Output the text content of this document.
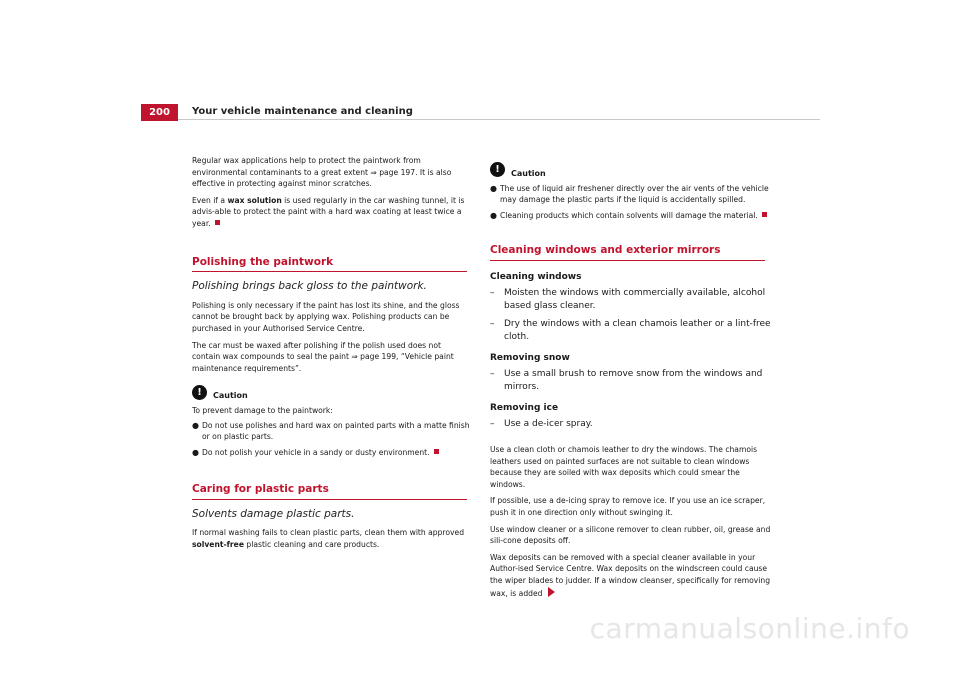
200	Your vehicle maintenance and cleaning

Regular wax applications help to protect the paintwork from environmental contaminants to a great extent ⇒ page 197. It is also effective in protecting against minor scratches.

Even if a wax solution is used regularly in the car washing tunnel, it is advis-able to protect the paint with a hard wax coating at least twice a year.

Polishing the paintwork
Polishing brings back gloss to the paintwork.

Polishing is only necessary if the paint has lost its shine, and the gloss cannot be brought back by applying wax. Polishing products can be purchased in your Authorised Service Centre.

The car must be waxed after polishing if the polish used does not contain wax compounds to seal the paint ⇒ page 199, “Vehicle paint maintenance requirements”.

!	Caution

To prevent damage to the paintwork:

● Do not use polishes and hard wax on painted parts with a matte finish or on plastic parts.
● Do not polish your vehicle in a sandy or dusty environment.
Caring for plastic parts
Solvents damage plastic parts.

If normal washing fails to clean plastic parts, clean them with approved solvent-free plastic cleaning and care products.

!	Caution
● The use of liquid air freshener directly over the air vents of the vehicle may damage the plastic parts if the liquid is accidentally spilled.
● Cleaning products which contain solvents will damage the material.
Cleaning windows and exterior mirrors
Cleaning windows
–	Moisten the windows with commercially available, alcohol based glass cleaner.
–	Dry the windows with a clean chamois leather or a lint-free cloth.
Removing snow
–	Use a small brush to remove snow from the windows and mirrors.
Removing ice
–	Use a de-icer spray.

Use a clean cloth or chamois leather to dry the windows. The chamois leathers used on painted surfaces are not suitable to clean windows because they are soiled with wax deposits which could smear the windows.

If possible, use a de-icing spray to remove ice. If you use an ice scraper, push it in one direction only without swinging it.

Use window cleaner or a silicone remover to clean rubber, oil, grease and sili-cone deposits off.

Wax deposits can be removed with a special cleaner available in your Author-ised Service Centre. Wax deposits on the windscreen could cause the wiper blades to judder. If a window cleanser, specifically for removing wax, is added

carmanualsonline.info
